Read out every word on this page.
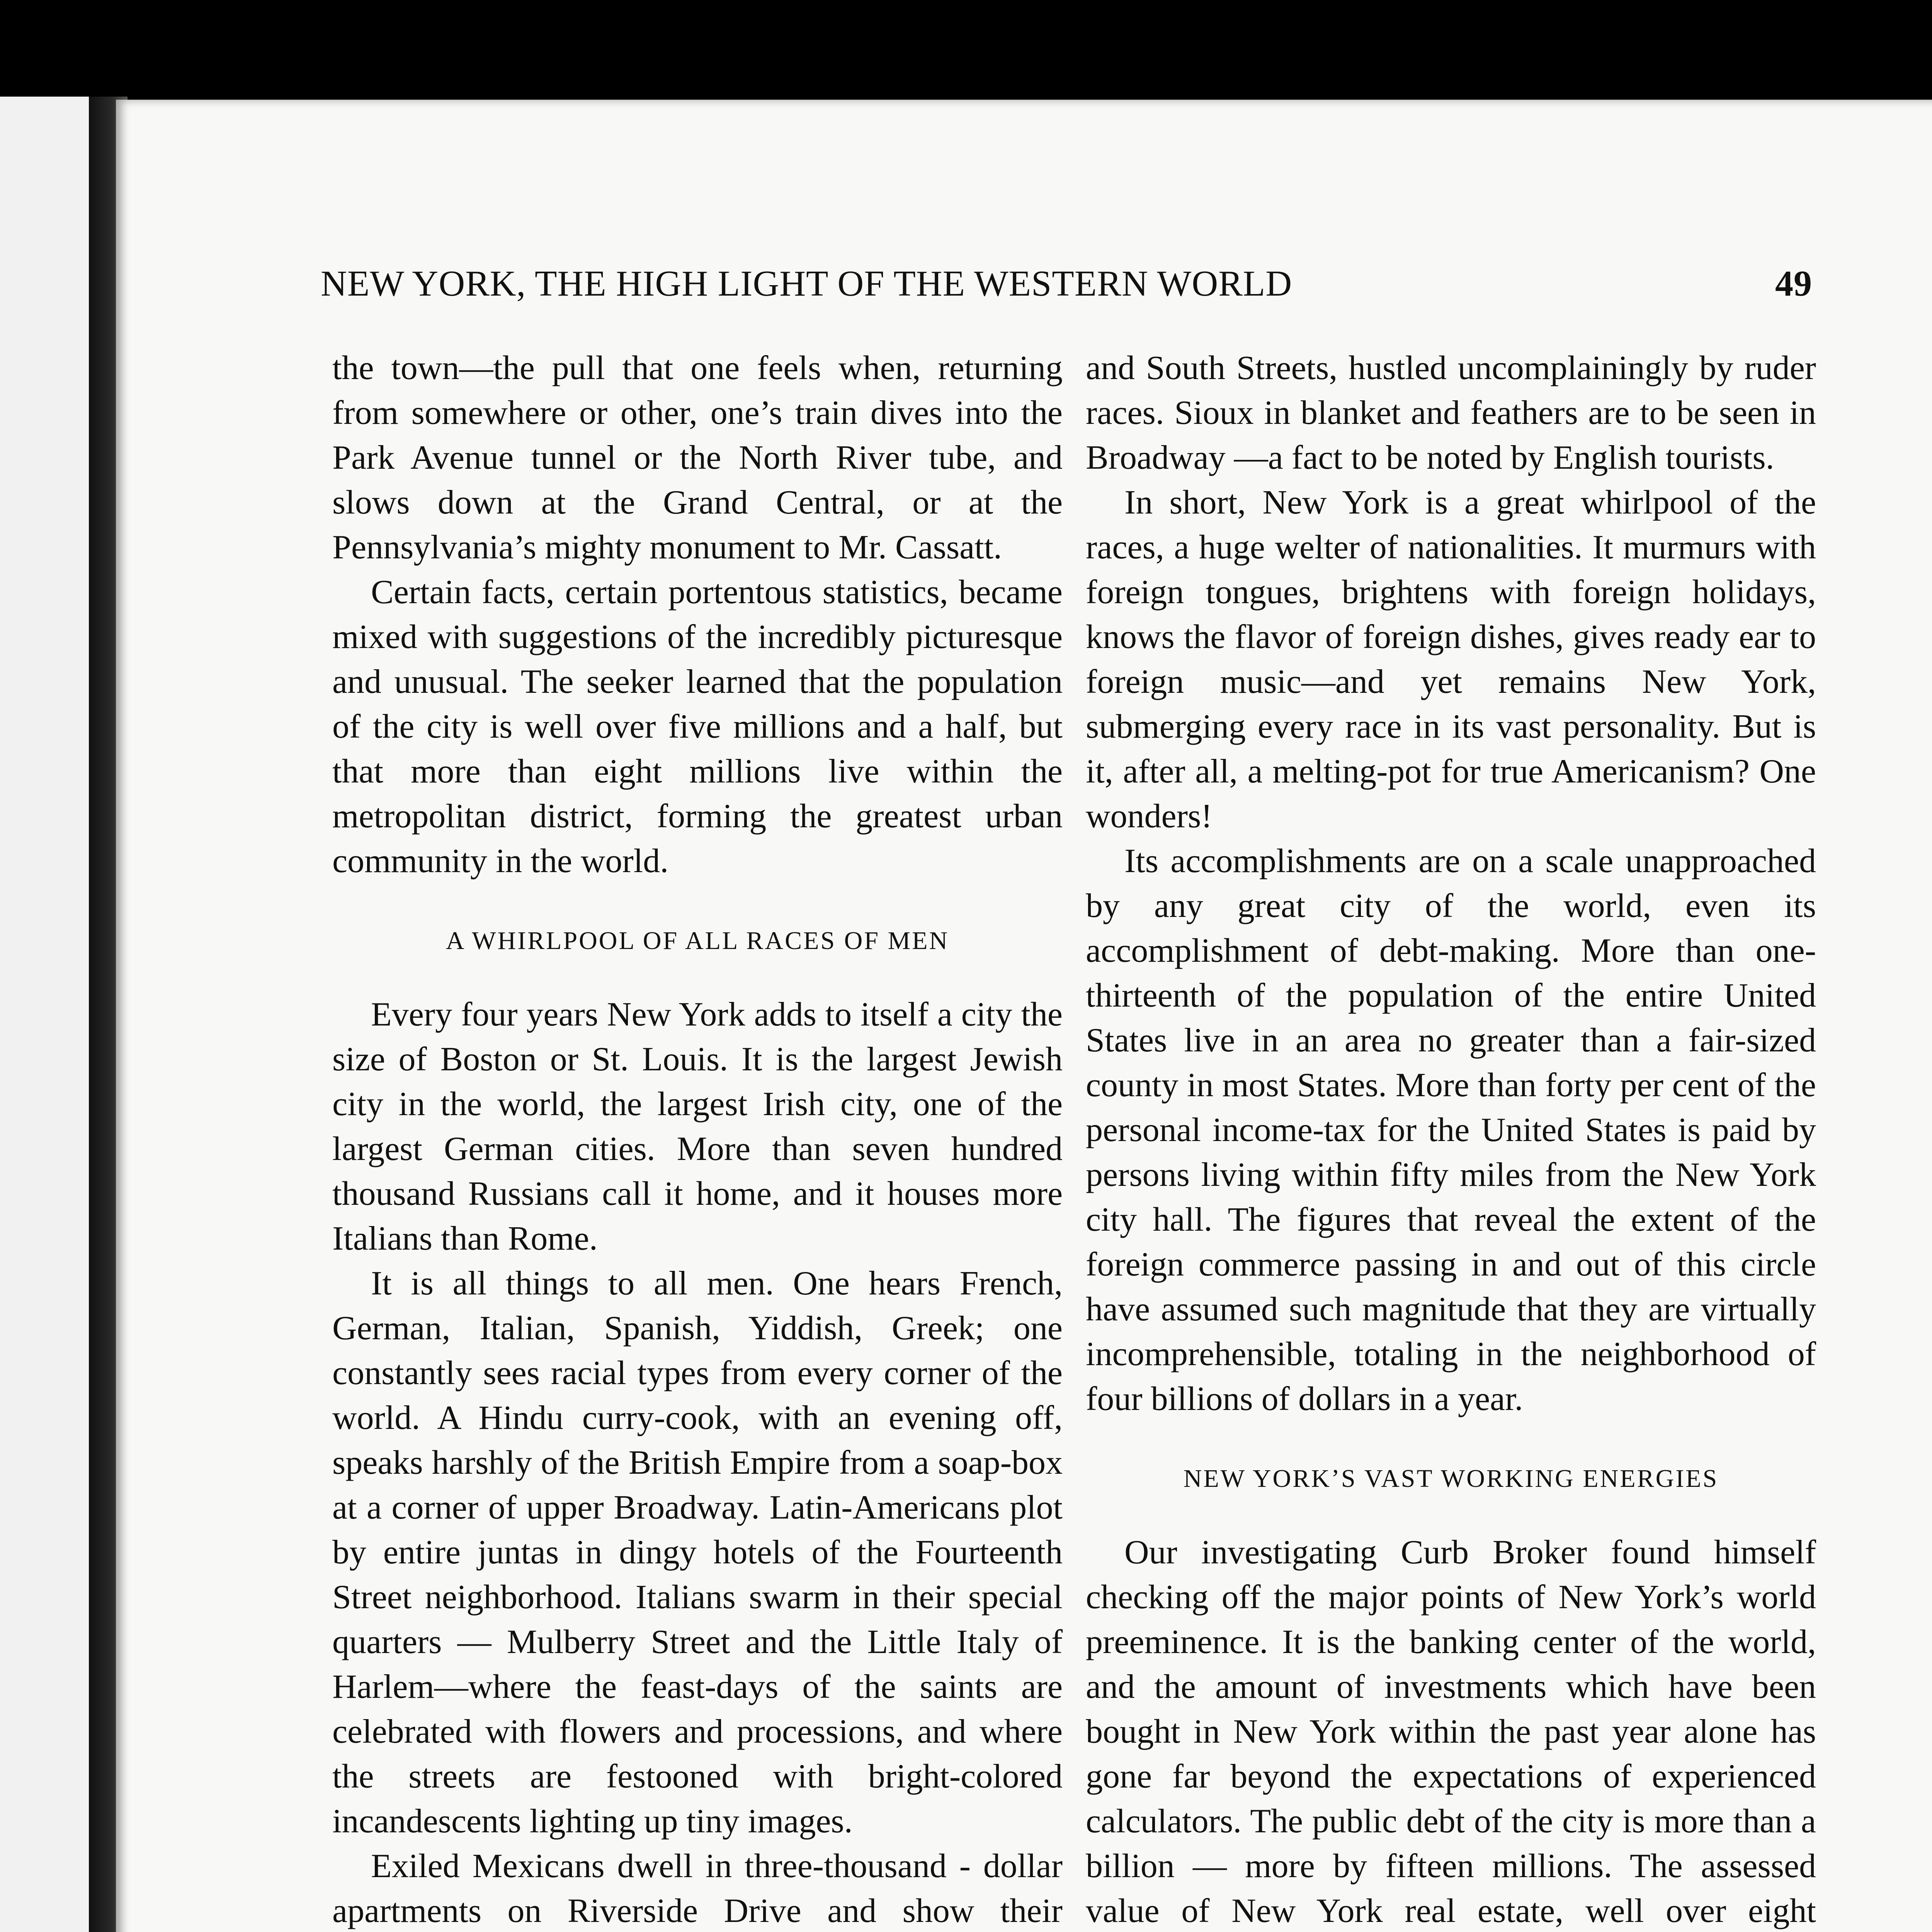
NEW YORK, THE HIGH LIGHT OF THE WESTERN WORLD	49

the town—the pull that one feels when, returning from somewhere or other, one’s train dives into the Park Avenue tunnel or the North River tube, and slows down at the Grand Central, or at the Pennsylvania’s mighty monument to Mr. Cassatt.

Certain facts, certain portentous statistics, became mixed with suggestions of the incredibly picturesque and unusual. The seeker learned that the population of the city is well over five millions and a half, but that more than eight millions live within the metropolitan district, forming the greatest urban community in the world.

A WHIRLPOOL OF ALL RACES OF MEN

Every four years New York adds to itself a city the size of Boston or St. Louis. It is the largest Jewish city in the world, the largest Irish city, one of the largest German cities. More than seven hundred thousand Russians call it home, and it houses more Italians than Rome.

It is all things to all men. One hears French, German, Italian, Spanish, Yiddish, Greek; one constantly sees racial types from every corner of the world. A Hindu curry-cook, with an evening off, speaks harshly of the British Empire from a soap-box at a corner of upper Broadway. Latin-Americans plot by entire juntas in dingy hotels of the Fourteenth Street neighborhood. Italians swarm in their special quarters — Mulberry Street and the Little Italy of Harlem—where the feast-days of the saints are celebrated with flowers and processions, and where the streets are festooned with bright-colored incandescents lighting up tiny images.

Exiled Mexicans dwell in three-thousand - dollar apartments on Riverside Drive and show their

and South Streets, hustled uncomplainingly by ruder races. Sioux in blanket and feathers are to be seen in Broadway —a fact to be noted by English tourists.

In short, New York is a great whirlpool of the races, a huge welter of nationalities. It murmurs with foreign tongues, brightens with foreign holidays, knows the flavor of foreign dishes, gives ready ear to foreign music—and yet remains New York, submerging every race in its vast personality. But is it, after all, a melting-pot for true Americanism? One wonders!

Its accomplishments are on a scale unapproached by any great city of the world, even its accomplishment of debt-making. More than one-thirteenth of the population of the entire United States live in an area no greater than a fair-sized county in most States. More than forty per cent of the personal income-tax for the United States is paid by persons living within fifty miles from the New York city hall. The figures that reveal the extent of the foreign commerce passing in and out of this circle have assumed such magnitude that they are virtually incomprehensible, totaling in the neighborhood of four billions of dollars in a year.

NEW YORK’S VAST WORKING ENERGIES

Our investigating Curb Broker found himself checking off the major points of New York’s world preeminence. It is the banking center of the world, and the amount of investments which have been bought in New York within the past year alone has gone far beyond the expectations of experienced calculators. The public debt of the city is more than a billion — more by fifteen millions. The assessed value of New York real estate, well over eight
